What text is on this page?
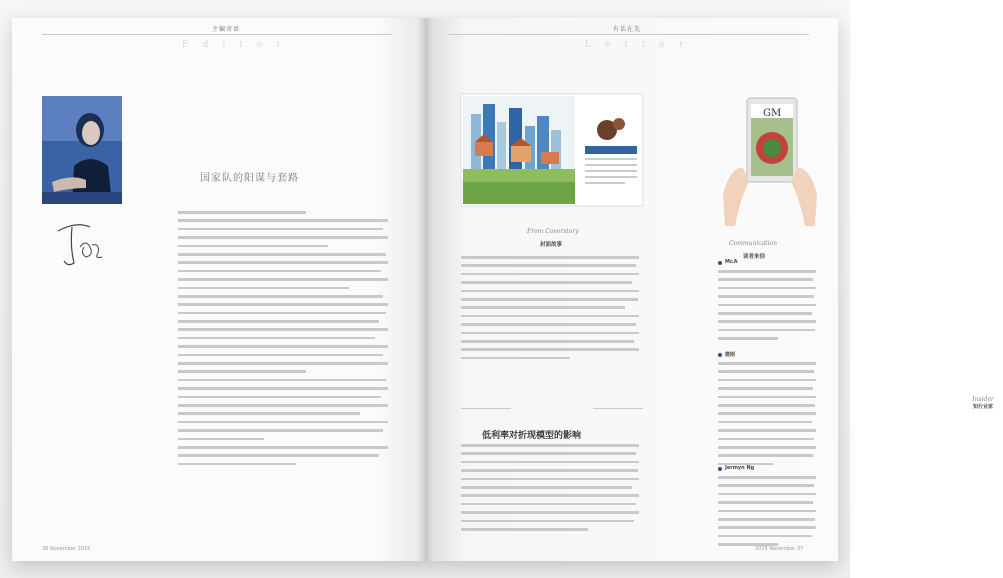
主编寄语
Editor
国家队的阳谋与套路
36 November 2015
有话在先
Letter
From Coverstory
封面故事
GM
Communication
读者来信
Insider
知行业家
低利率对折现模型的影响
Mr.A
微刚
Jermyn Ng
2015 November 37
